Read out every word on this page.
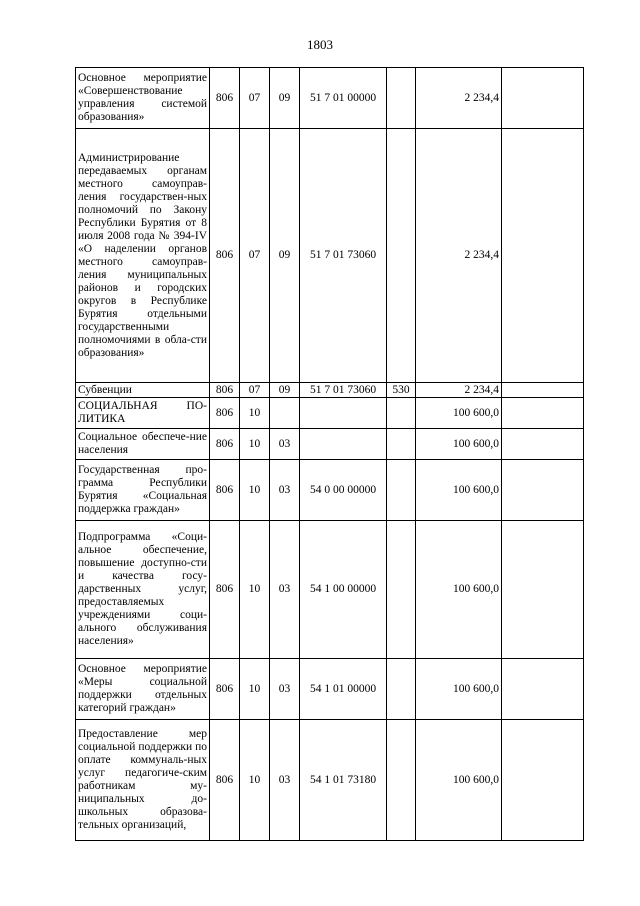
1803
Основное мероприятие «Совершенствование управления системой образования»	806	07	09	51 7 01 00000		2 234,4	
Администрирование передаваемых органам местного самоуправ-ления государствен-ных полномочий по Закону Республики Бурятия от 8 июля 2008 года № 394-IV «О наделении органов местного самоуправ-ления муниципальных районов и городских округов в Республике Бурятия отдельными государственными полномочиями в обла-сти образования»	806	07	09	51 7 01 73060		2 234,4	
Субвенции	806	07	09	51 7 01 73060	530	2 234,4	
СОЦИАЛЬНАЯ ПО-ЛИТИКА	806	10				100 600,0	
Социальное обеспече-ние населения	806	10	03			100 600,0	
Государственная про-грамма Республики Бурятия «Социальная поддержка граждан»	806	10	03	54 0 00 00000		100 600,0	
Подпрограмма «Соци-альное обеспечение, повышение доступно-сти и качества госу-дарственных услуг, предоставляемых учреждениями соци-ального обслуживания населения»	806	10	03	54 1 00 00000		100 600,0	
Основное мероприятие «Меры социальной поддержки отдельных категорий граждан»	806	10	03	54 1 01 00000		100 600,0	
Предоставление мер социальной поддержки по оплате коммуналь-ных услуг педагогиче-ским работникам му-ниципальных до-школьных образова-тельных организаций,	806	10	03	54 1 01 73180		100 600,0	
